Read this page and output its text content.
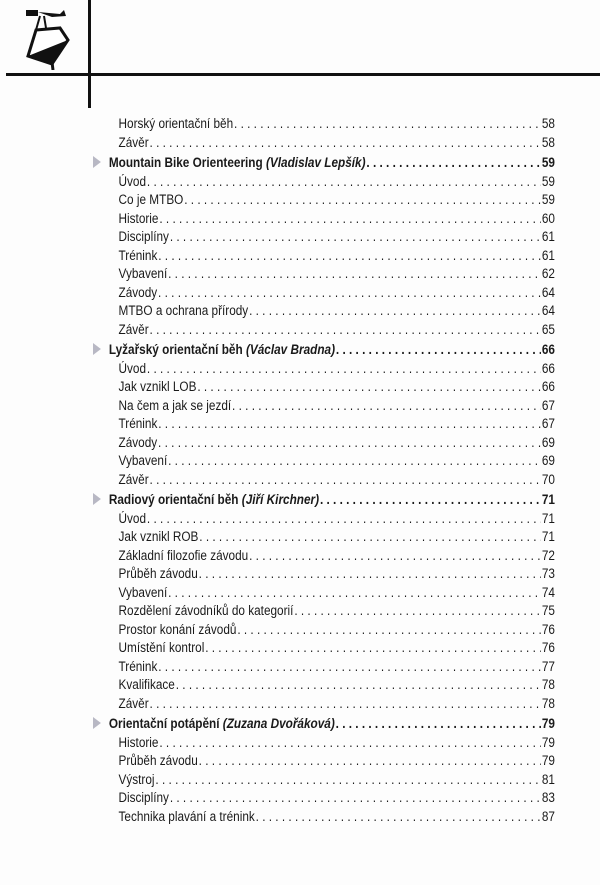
Horský orientační běh . . .	58
Závěr . . .	58
Mountain Bike Orienteering (Vladislav Lepšík) . . .	59
Úvod . . .	59
Co je MTBO . . .	59
Historie . . .	60
Disciplíny . . .	61
Trénink . . .	61
Vybavení . . .	62
Závody . . .	64
MTBO a ochrana přírody . . .	64
Závěr . . .	65
Lyžařský orientační běh (Václav Bradna) . . .	66
Úvod . . .	66
Jak vznikl LOB . . .	66
Na čem a jak se jezdí . . .	67
Trénink . . .	67
Závody . . .	69
Vybavení . . .	69
Závěr . . .	70
Radiový orientační běh (Jiří Kirchner) . . .	71
Úvod . . .	71
Jak vznikl ROB . . .	71
Základní filozofie závodu . . .	72
Průběh závodu . . .	73
Vybavení . . .	74
Rozdělení závodníků do kategorií . . .	75
Prostor konání závodů . . .	76
Umístění kontrol . . .	76
Trénink . . .	77
Kvalifikace . . .	78
Závěr . . .	78
Orientační potápění (Zuzana Dvořáková) . . .	79
Historie . . .	79
Průběh závodu . . .	79
Výstroj . . .	81
Disciplíny . . .	83
Technika plavání a trénink . . .	87
